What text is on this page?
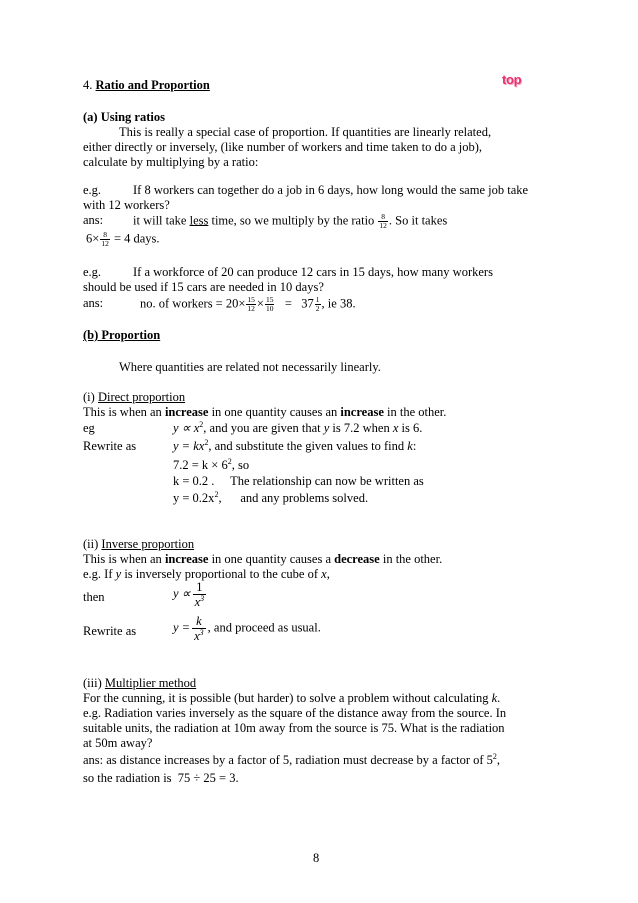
top
4. Ratio and Proportion
(a) Using ratios
This is really a special case of proportion. If quantities are linearly related,
either directly or inversely, (like number of workers and time taken to do a job),
calculate by multiplying by a ratio:
e.g.	If 8 workers can together do a job in 6 days, how long would the same job take
with 12 workers?
ans: it will take less time, so we multiply by the ratio $\frac{8}{12}$ . So it takes
$6\times \frac{8}{12} = 4$ days.
e.g.	If a workforce of 20 can produce 12 cars in 15 days, how many workers
should be used if 15 cars are needed in 10 days?
ans:	no. of workers = $20\times \frac{15}{12} \times \frac{15}{10} = 37 \frac{1}{2}$ , ie 38.
(b) Proportion
Where quantities are related not necessarily linearly.
(i) Direct proportion
This is when an increase in one quantity causes an increase in the other.
eg	$y \propto x^2$, and you are given that y is 7.2 when x is 6.
Rewrite as	$y = kx^2$, and substitute the given values to find k:
$7.2 = k \times 6^2$, so
k = 0.2 . The relationship can now be written as
$y = 0.2x^2$, and any problems solved.
(ii) Inverse proportion
This is when an increase in one quantity causes a decrease in the other.
e.g. If y is inversely proportional to the cube of x,
then	$y \propto \frac{1}{x^3}$
Rewrite as	$y = \frac{k}{x^3}$ , and proceed as usual.
(iii) Multiplier method
For the cunning, it is possible (but harder) to solve a problem without calculating k.
e.g. Radiation varies inversely as the square of the distance away from the source. In
suitable units, the radiation at 10m away from the source is 75. What is the radiation
at 50m away?
ans: as distance increases by a factor of 5, radiation must decrease by a factor of $5^2$,
so the radiation is 75 ÷ 25 = 3.
8
